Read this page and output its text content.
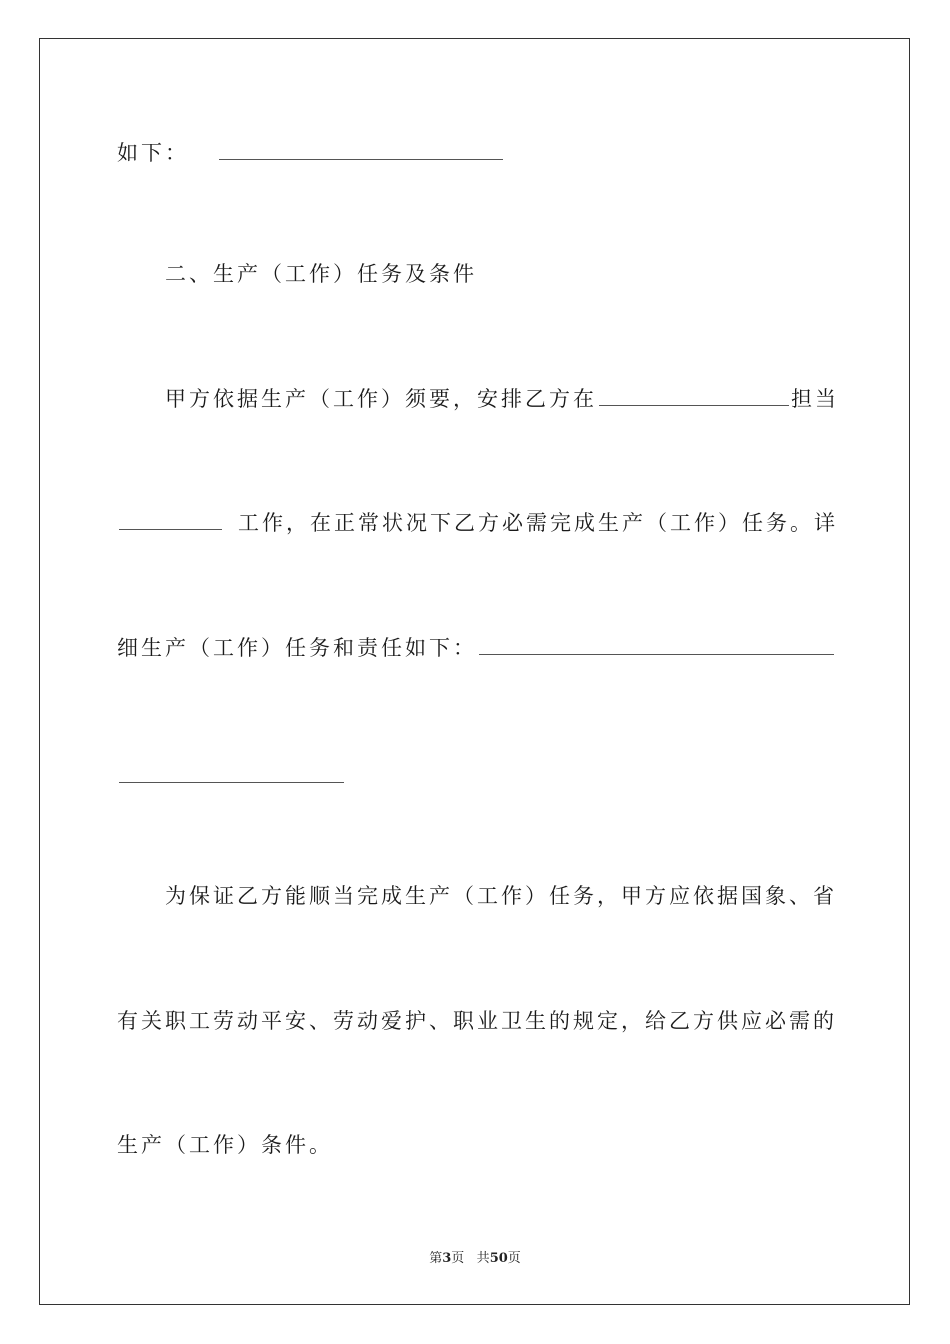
如下：
二、生产（工作）任务及条件
甲方依据生产（工作）须要，安排乙方在	担当
工作，在正常状况下乙方必需完成生产（工作）任务。详
细生产（工作）任务和责任如下：
为保证乙方能顺当完成生产（工作）任务，甲方应依据国象、省
有关职工劳动平安、劳动爱护、职业卫生的规定，给乙方供应必需的
生产（工作）条件。
第3页 共50页
